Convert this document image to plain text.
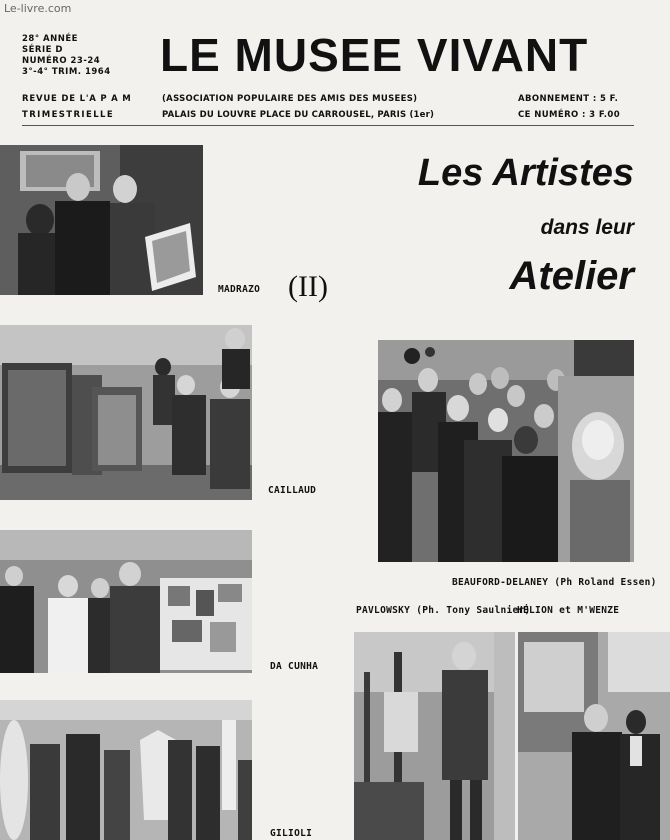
Le-livre.com
28° ANNÉE
SÉRIE D
NUMÉRO 23-24
3°-4° TRIM. 1964	LE MUSEE VIVANT
REVUE DE L'A P A M
TRIMESTRIELLE
(ASSOCIATION POPULAIRE DES AMIS DES MUSEES)
PALAIS DU LOUVRE PLACE DU CARROUSEL, PARIS (1er)
ABONNEMENT : 5 F.
CE NUMÉRO : 3 F.00
Les Artistes
dans leur
Atelier
(II)
MADRAZO
CAILLAUD
DA CUNHA
GILIOLI
BEAUFORD-DELANEY (Ph Roland Essen)
PAVLOWSKY (Ph. Tony Saulnier)
HÉLION et M'WENZE
